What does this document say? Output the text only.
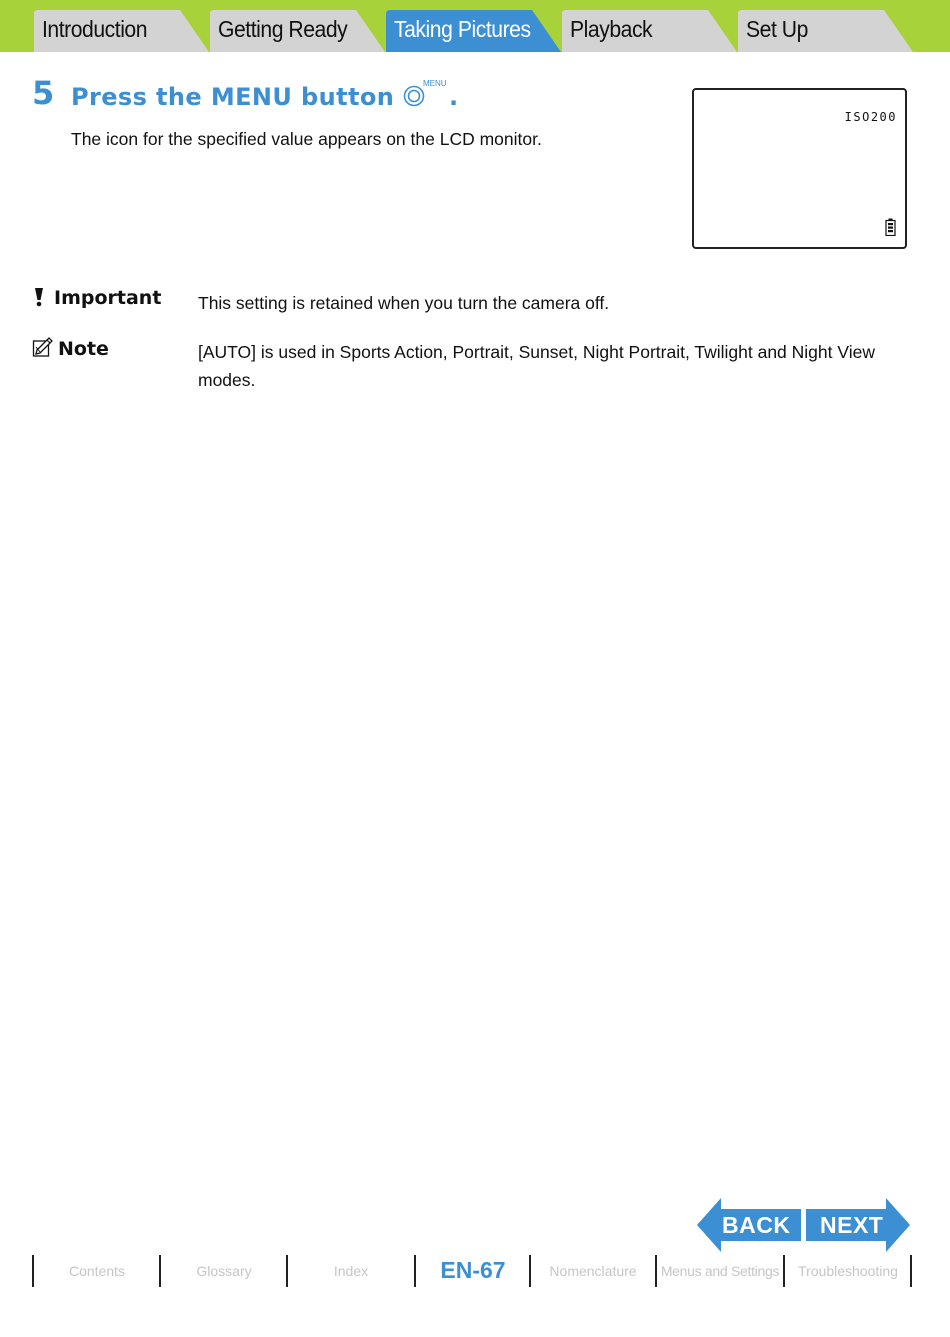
Introduction	Getting Ready Taking Pictures Playback	Set Up
5 Press the MENU button	MENU .
The icon for the specified value appears on the LCD monitor.
ISO200
Important This setting is retained when you turn the camera off.
Note	[AUTO] is used in Sports Action, Portrait, Sunset, Night Portrait, Twilight and Night View modes.
BACK NEXT
Contents	Glossary	Index	EN-67	Nomenclature	Menus and Settings	Troubleshooting
